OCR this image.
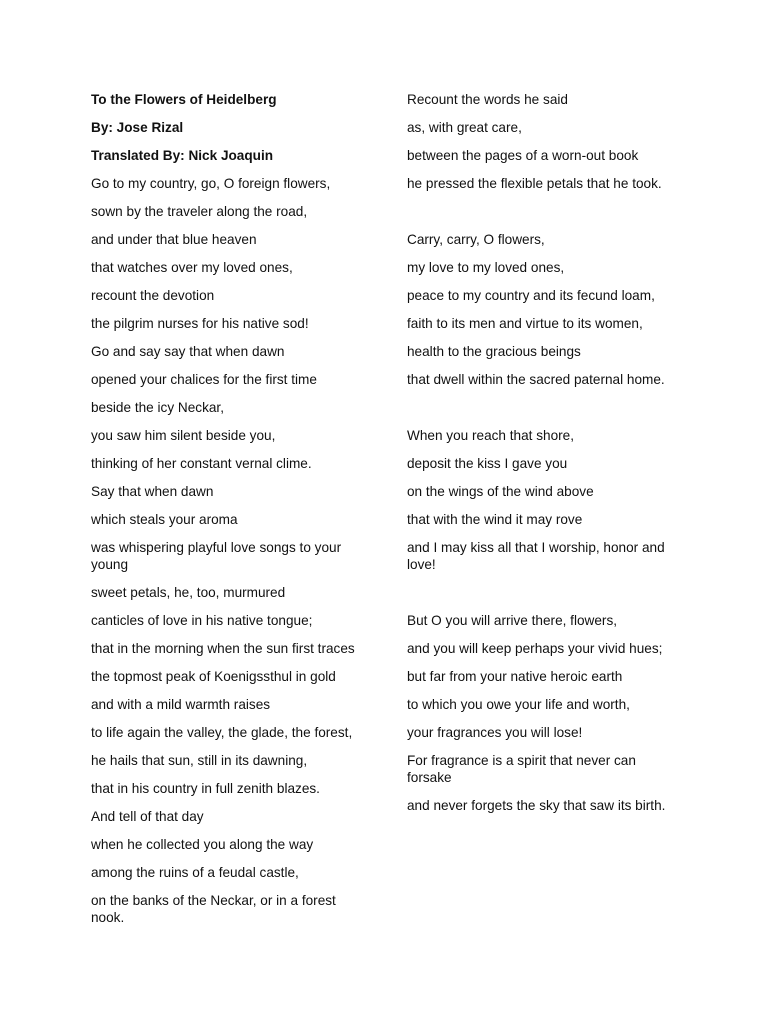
To the Flowers of Heidelberg
By: Jose Rizal
Translated By: Nick Joaquin
Go to my country, go, O foreign flowers,
sown by the traveler along the road,
and under that blue heaven
that watches over my loved ones,
recount the devotion
the pilgrim nurses for his native sod!
Go and say say that when dawn
opened your chalices for the first time
beside the icy Neckar,
you saw him silent beside you,
thinking of her constant vernal clime.
Say that when dawn
which steals your aroma
was whispering playful love songs to your young
sweet petals, he, too, murmured
canticles of love in his native tongue;
that in the morning when the sun first traces
the topmost peak of Koenigssthul in gold
and with a mild warmth raises
to life again the valley, the glade, the forest,
he hails that sun, still in its dawning,
that in his country in full zenith blazes.
And tell of that day
when he collected you along the way
among the ruins of a feudal castle,
on the banks of the Neckar, or in a forest nook.
Recount the words he said
as, with great care,
between the pages of a worn-out book
he pressed the flexible petals that he took.
Carry, carry, O flowers,
my love to my loved ones,
peace to my country and its fecund loam,
faith to its men and virtue to its women,
health to the gracious beings
that dwell within the sacred paternal home.
When you reach that shore,
deposit the kiss I gave you
on the wings of the wind above
that with the wind it may rove
and I may kiss all that I worship, honor and love!
But O you will arrive there, flowers,
and you will keep perhaps your vivid hues;
but far from your native heroic earth
to which you owe your life and worth,
your fragrances you will lose!
For fragrance is a spirit that never can forsake
and never forgets the sky that saw its birth.
